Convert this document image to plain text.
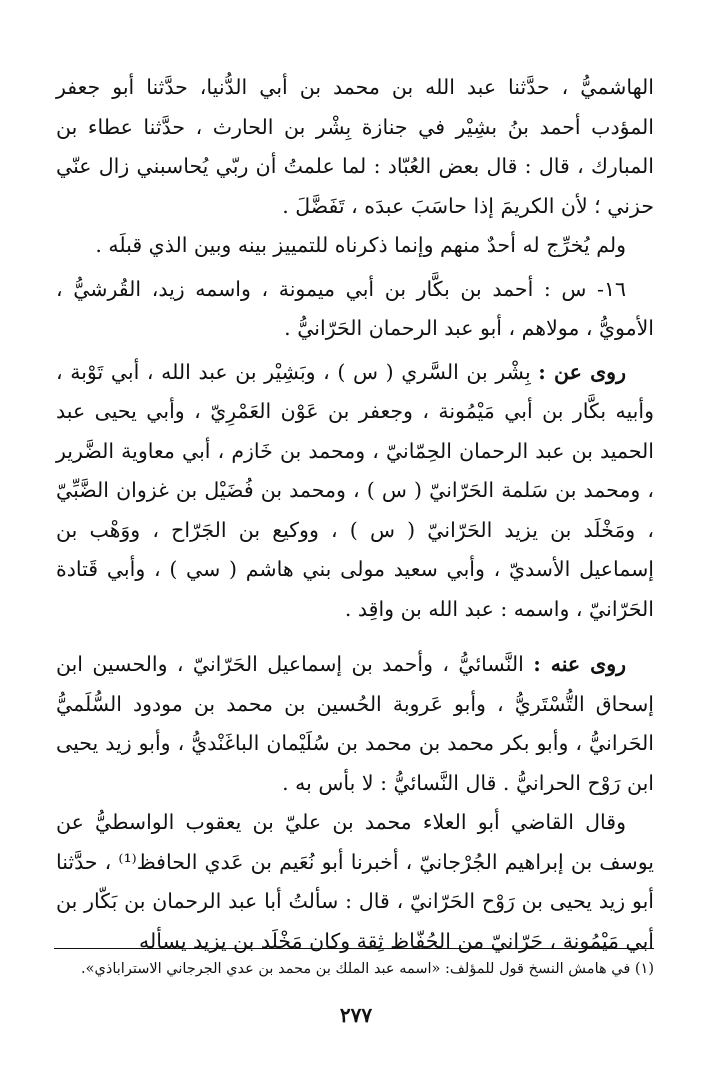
الهاشميُّ ، حدَّثنا عبد الله بن محمد بن أبي الدُّنيا، حدَّثنا أبو جعفر المؤدب أحمد بنُ بشِيْر في جنازة بِشْر بن الحارث ، حدَّثنا عطاء بن المبارك ، قال : قال بعض العُبّاد : لما علمتُ أن ربّي يُحاسبني زال عنّي حزني ؛ لأن الكريمَ إذا حاسَبَ عبدَه ، تَفَضَّلَ .

ولم يُخرِّج له أحدٌ منهم وإنما ذكرناه للتمييز بينه وبين الذي قبلَه .

١٦- س : أحمد بن بكَّار بن أبي ميمونة ، واسمه زيد، القُرشيُّ ، الأمويُّ ، مولاهم ، أبو عبد الرحمان الحَرّانيُّ .

روى عن : بِشْر بن السَّري ( س ) ، وبَشِيْر بن عبد الله ، أبي تَوْبة ، وأبيه بكَّار بن أبي مَيْمُونة ، وجعفر بن عَوْن العَمْرِيّ ، وأبي يحيى عبد الحميد بن عبد الرحمان الحِمّانيّ ، ومحمد بن خَازم ، أبي معاوية الضَّرير ، ومحمد بن سَلمة الحَرّانيّ ( س ) ، ومحمد بن فُضَيْل بن غزوان الضَّبِّيّ ، ومَخْلَد بن يزيد الحَرّانيّ ( س ) ، ووكيع بن الجَرّاح ، ووَهْب بن إسماعيل الأسديّ ، وأبي سعيد مولى بني هاشم ( سي ) ، وأبي قَتادة الحَرّانيّ ، واسمه : عبد الله بن واقِد .

روى عنه : النَّسائيُّ ، وأحمد بن إسماعيل الحَرّانيّ ، والحسين ابن إسحاق التُّسْتَريُّ ، وأبو عَروبة الحُسين بن محمد بن مودود السُّلَميُّ الحَرانيُّ ، وأبو بكر محمد بن محمد بن سُلَيْمان الباغَنْديُّ ، وأبو زيد يحيى ابن رَوْح الحرانيُّ . قال النَّسائيُّ : لا بأس به .

وقال القاضي أبو العلاء محمد بن عليّ بن يعقوب الواسطيُّ عن يوسف بن إبراهيم الجُرْجانيّ ، أخبرنا أبو نُعَيم بن عَدي الحافظ⁽¹⁾ ، حدَّثنا أبو زيد يحيى بن رَوْح الحَرّانيّ ، قال : سألتُ أبا عبد الرحمان بن بَكّار بن أبي مَيْمُونة ، حَرّانيّ من الحُفّاظ ثِقة وكان مَخْلَد بن يزيد يسأله

(١) في هامش النسخ قول للمؤلف: «اسمه عبد الملك بن محمد بن عدي الجرجاني الاستراباذي».
٢٧٧
